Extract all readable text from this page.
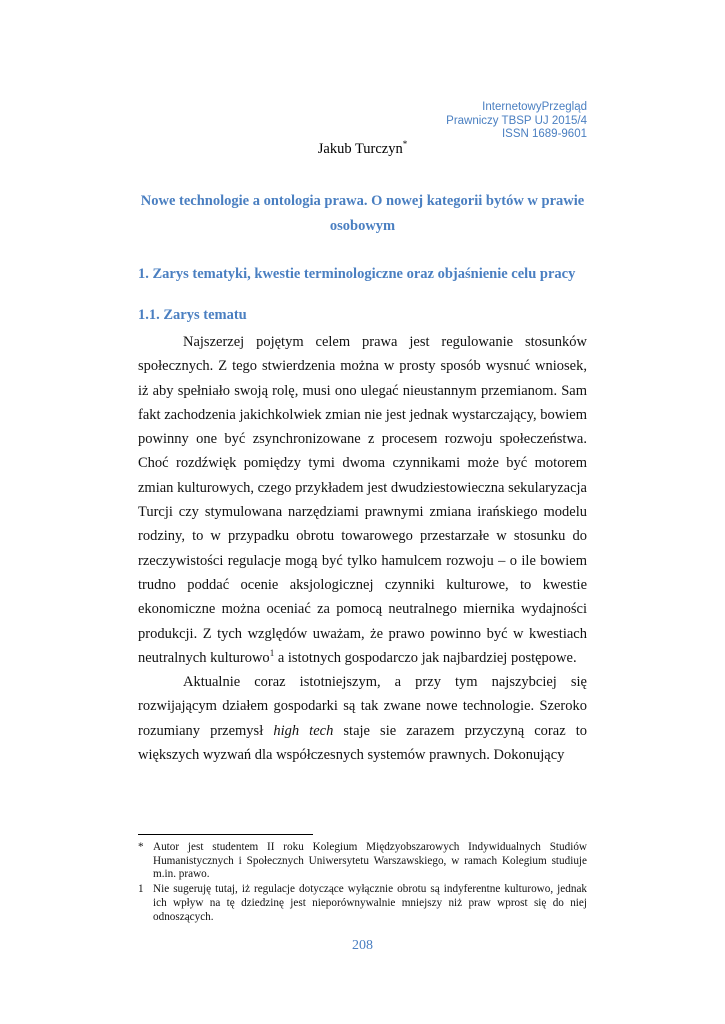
InternetowyPrzegląd
Prawniczy TBSP UJ 2015/4
ISSN 1689-9601
Jakub Turczyn*
Nowe technologie a ontologia prawa. O nowej kategorii bytów w prawie osobowym
1. Zarys tematyki, kwestie terminologiczne oraz objaśnienie celu pracy
1.1. Zarys tematu

Najszerzej pojętym celem prawa jest regulowanie stosunków społecznych. Z tego stwierdzenia można w prosty sposób wysnuć wniosek, iż aby spełniało swoją rolę, musi ono ulegać nieustannym przemianom. Sam fakt zachodzenia jakichkolwiek zmian nie jest jednak wystarczający, bowiem powinny one być zsynchronizowane z procesem rozwoju społeczeństwa. Choć rozdźwięk pomiędzy tymi dwoma czynnikami może być motorem zmian kulturowych, czego przykładem jest dwudziestowieczna sekularyzacja Turcji czy stymulowana narzędziami prawnymi zmiana irańskiego modelu rodziny, to w przypadku obrotu towarowego przestarzałe w stosunku do rzeczywistości regulacje mogą być tylko hamulcem rozwoju – o ile bowiem trudno poddać ocenie aksjologicznej czynniki kulturowe, to kwestie ekonomiczne można oceniać za pomocą neutralnego miernika wydajności produkcji. Z tych względów uważam, że prawo powinno być w kwestiach neutralnych kulturowo$^1$ a istotnych gospodarczo jak najbardziej postępowe.

Aktualnie coraz istotniejszym, a przy tym najszybciej się rozwijającym działem gospodarki są tak zwane nowe technologie. Szeroko rozumiany przemysł high tech staje sie zarazem przyczyną coraz to większych wyzwań dla współczesnych systemów prawnych. Dokonujący

* Autor jest studentem II roku Kolegium Międzyobszarowych Indywidualnych Studiów Humanistycznych i Społecznych Uniwersytetu Warszawskiego, w ramach Kolegium studiuje m.in. prawo.
1 Nie sugeruję tutaj, iż regulacje dotyczące wyłącznie obrotu są indyferentne kulturowo, jednak ich wpływ na tę dziedzinę jest nieporównywalnie mniejszy niż praw wprost się do niej odnoszących.
208
